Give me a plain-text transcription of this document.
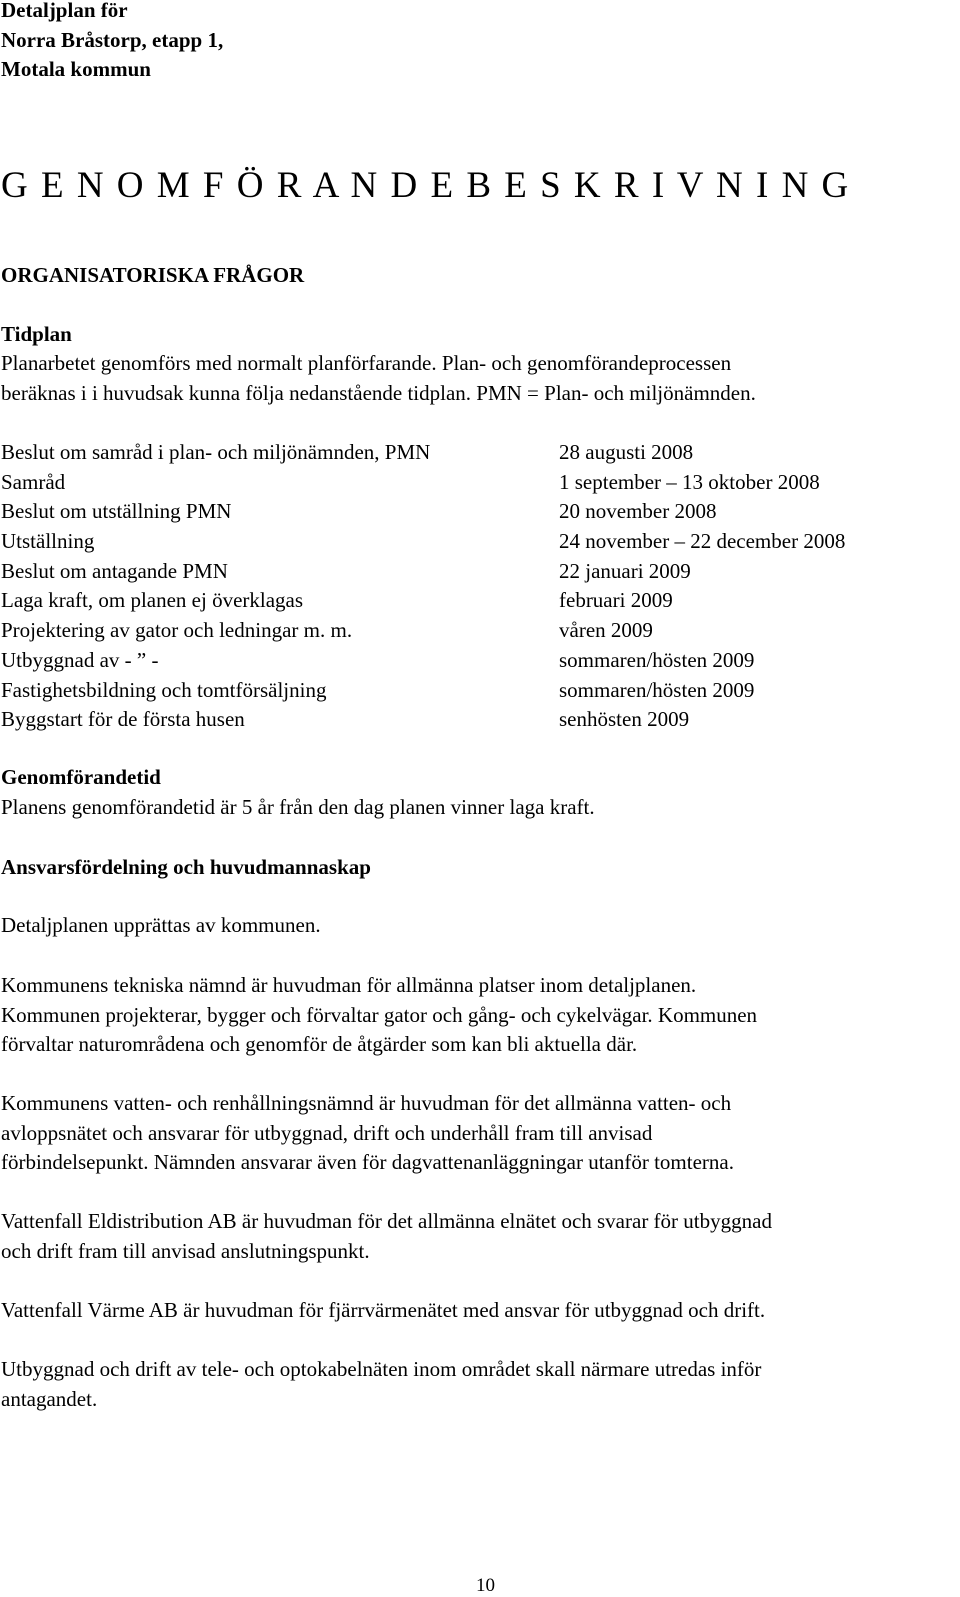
Detaljplan för
Norra Bråstorp, etapp 1,
Motala kommun
G E N O M F Ö R A N D E B E S K R I V N I N G
ORGANISATORISKA FRÅGOR
Tidplan
Planarbetet genomförs med normalt planförfarande. Plan- och genomförandeprocessen
beräknas i i huvudsak kunna följa nedanstående tidplan. PMN = Plan- och miljönämnden.
Beslut om samråd i plan- och miljönämnden, PMN	28 augusti 2008
Samråd	1 september – 13 oktober 2008
Beslut om utställning PMN	20 november 2008
Utställning	24 november – 22 december 2008
Beslut om antagande PMN	22 januari 2009
Laga kraft, om planen ej överklagas	februari 2009
Projektering av gator och ledningar m. m.	våren 2009
Utbyggnad av - ” -	sommaren/hösten 2009
Fastighetsbildning och tomtförsäljning	sommaren/hösten 2009
Byggstart för de första husen	senhösten 2009
Genomförandetid
Planens genomförandetid är 5 år från den dag planen vinner laga kraft.
Ansvarsfördelning och huvudmannaskap
Detaljplanen upprättas av kommunen.
Kommunens tekniska nämnd är huvudman för allmänna platser inom detaljplanen.
Kommunen projekterar, bygger och förvaltar gator och gång- och cykelvägar. Kommunen
förvaltar naturområdena och genomför de åtgärder som kan bli aktuella där.
Kommunens vatten- och renhållningsnämnd är huvudman för det allmänna vatten- och
avloppsnätet och ansvarar för utbyggnad, drift och underhåll fram till anvisad
förbindelsepunkt. Nämnden ansvarar även för dagvattenanläggningar utanför tomterna.
Vattenfall Eldistribution AB är huvudman för det allmänna elnätet och svarar för utbyggnad
och drift fram till anvisad anslutningspunkt.
Vattenfall Värme AB är huvudman för fjärrvärmenätet med ansvar för utbyggnad och drift.
Utbyggnad och drift av tele- och optokabelnäten inom området skall närmare utredas inför
antagandet.
10
